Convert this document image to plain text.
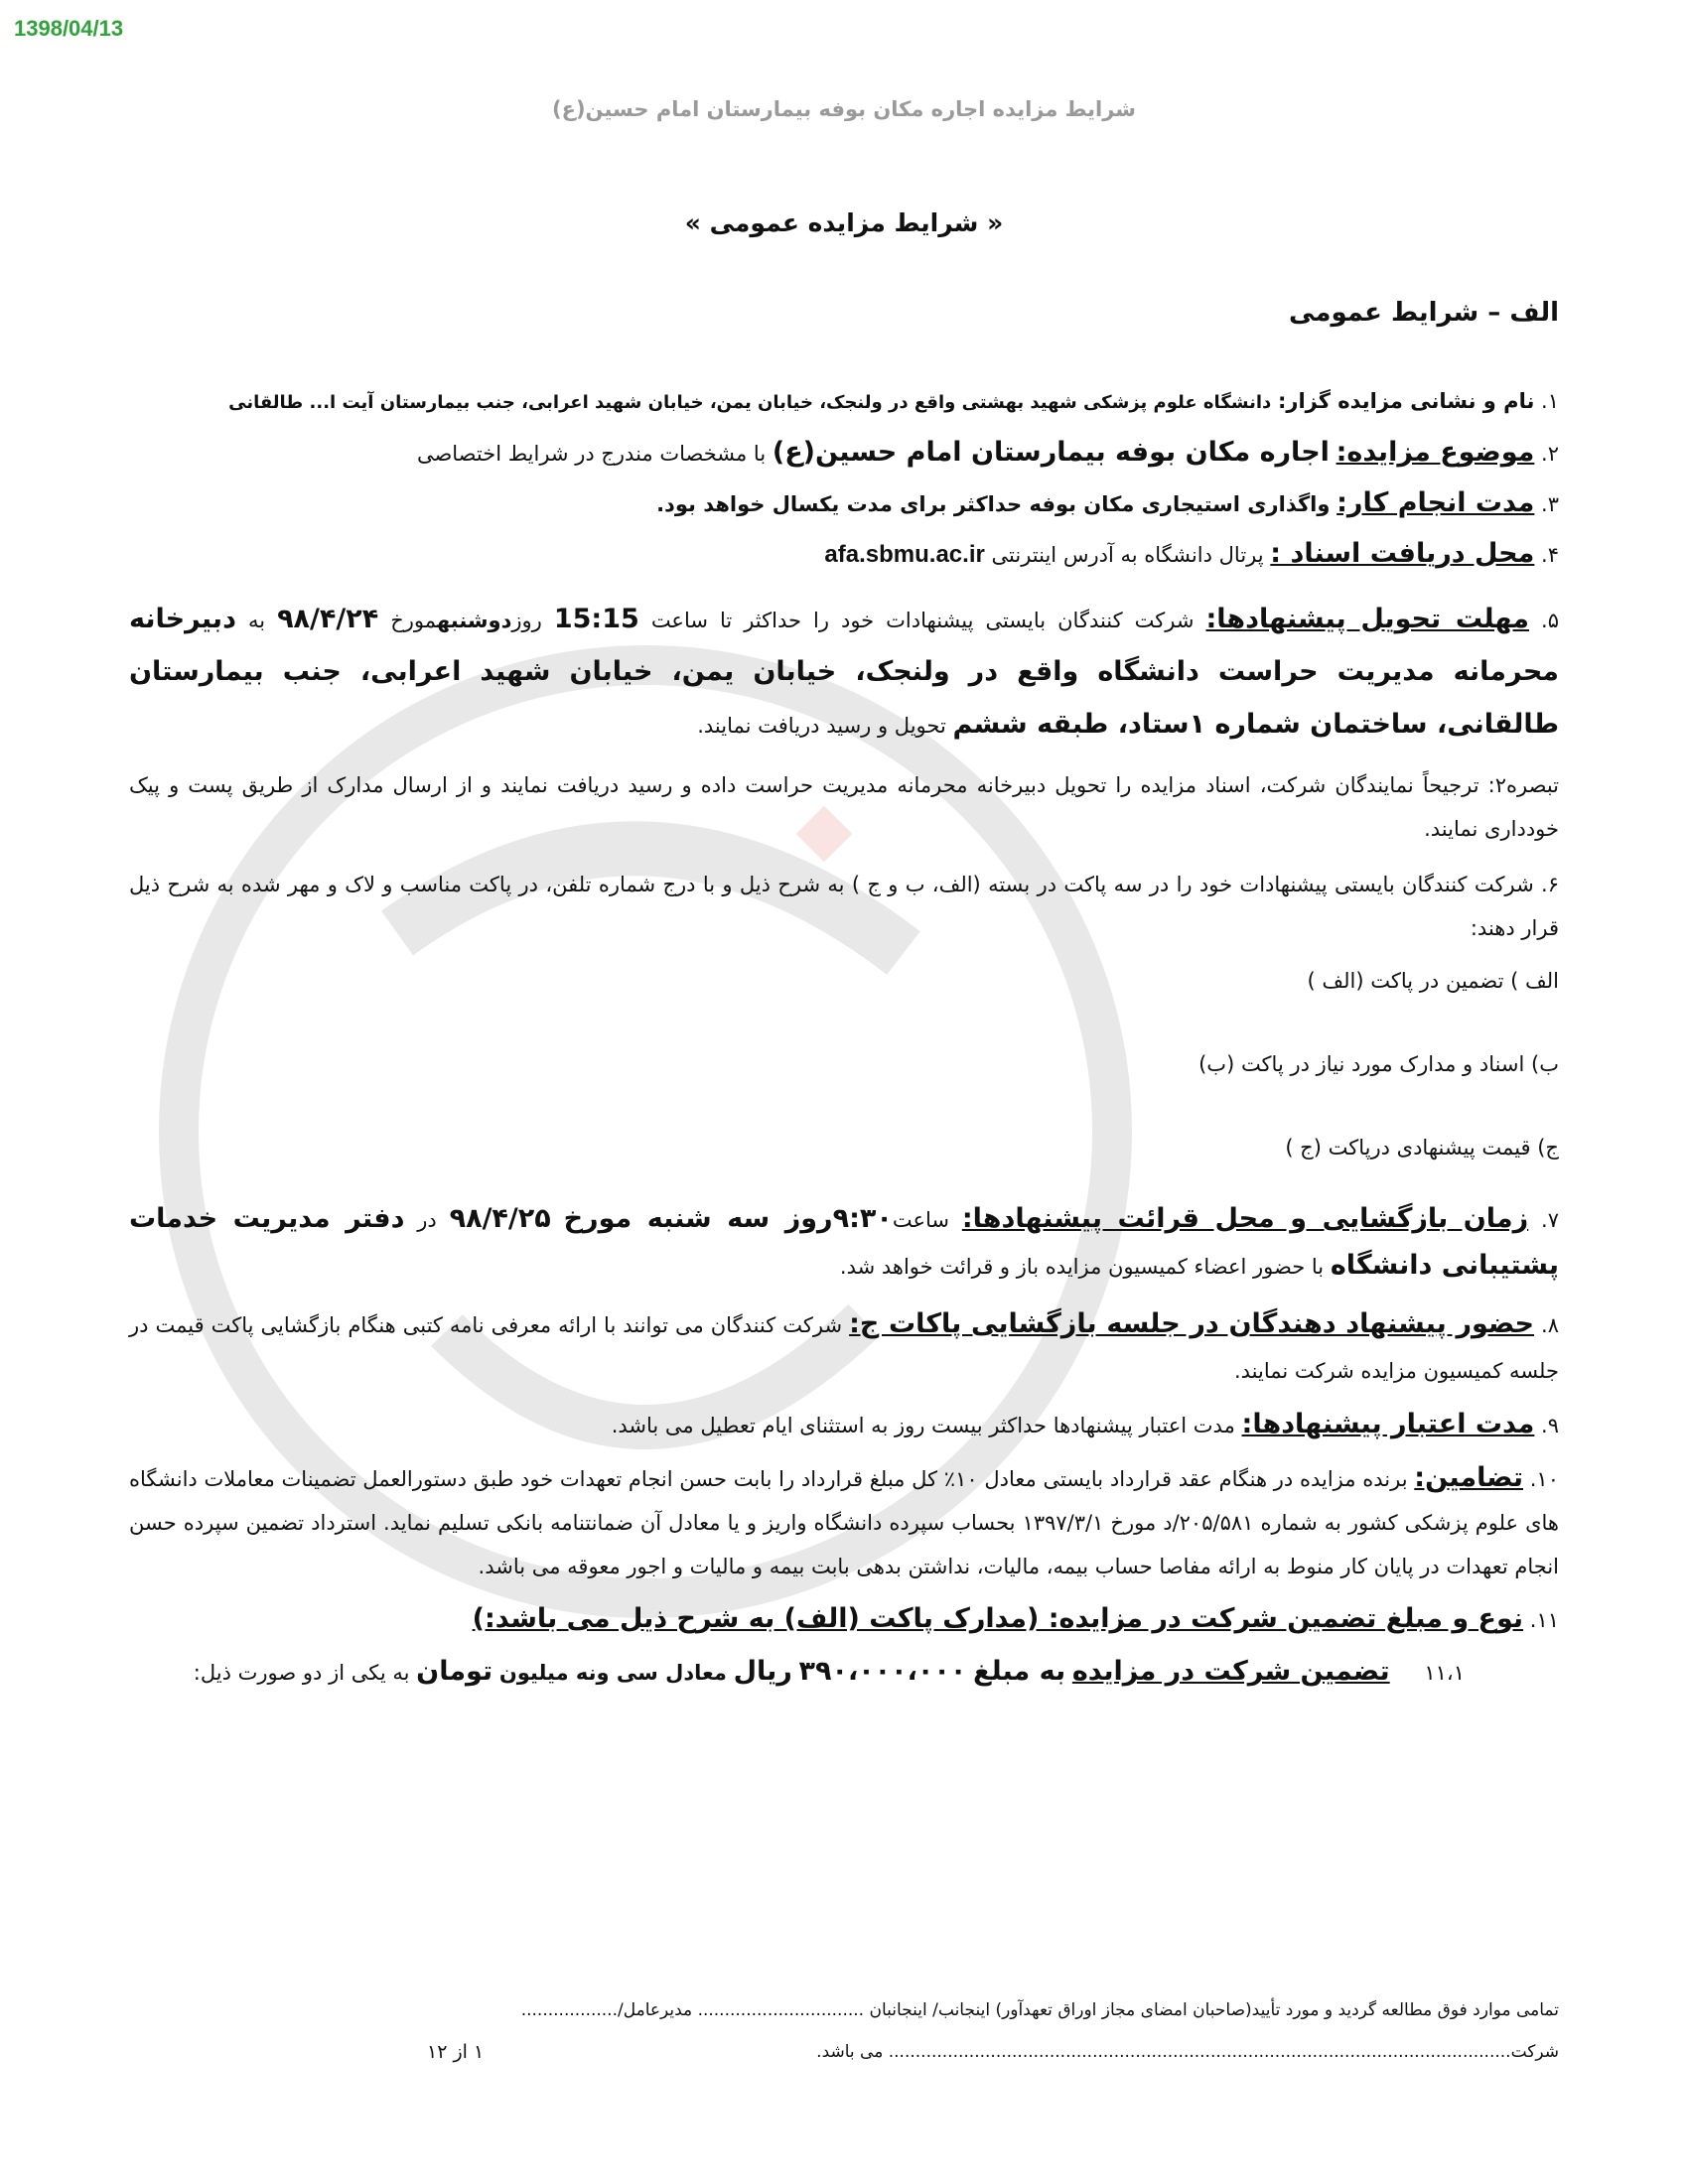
1398/04/13
شرایط مزایده اجاره مکان بوفه بیمارستان امام حسین(ع)
« شرایط مزایده عمومی »
الف – شرایط عمومی
۱. نام و نشانی مزایده گزار: دانشگاه علوم پزشکی شهید بهشتی واقع در ولنجک، خیابان یمن، خیابان شهید اعرابی، جنب بیمارستان آیت ا... طالقانی
۲. موضوع مزایده: اجاره مکان بوفه بیمارستان امام حسین(ع) با مشخصات مندرج در شرایط اختصاصی
۳. مدت انجام کار: واگذاری استیجاری مکان بوفه حداکثر برای مدت یکسال خواهد بود.
۴. محل دریافت اسناد : پرتال دانشگاه به آدرس اینترنتی afa.sbmu.ac.ir
۵. مهلت تحویل پیشنهادها: شرکت کنندگان بایستی پیشنهادات خود را حداکثر تا ساعت 15:15 روزدوشنبهمورخ ۹۸/۴/۲۴ به دبیرخانه محرمانه مدیریت حراست دانشگاه واقع در ولنجک، خیابان یمن، خیابان شهید اعرابی، جنب بیمارستان طالقانی، ساختمان شماره ۱ستاد، طبقه ششم تحویل و رسید دریافت نمایند.
تبصره۲: ترجیحاً نمایندگان شرکت، اسناد مزایده را تحویل دبیرخانه محرمانه مدیریت حراست داده و رسید دریافت نمایند و از ارسال مدارک از طریق پست و پیک خودداری نمایند.
۶. شرکت کنندگان بایستی پیشنهادات خود را در سه پاکت در بسته (الف، ب و ج ) به شرح ذیل و با درج شماره تلفن، در پاکت مناسب و لاک و مهر شده به شرح ذیل قرار دهند:
الف ) تضمین در پاکت (الف )
ب) اسناد و مدارک مورد نیاز در پاکت (ب)
ج) قیمت پیشنهادی درپاکت (ج )
۷. زمان بازگشایی و محل قرائت پیشنهادها: ساعت۹:۳۰روز سه شنبه مورخ ۹۸/۴/۲۵ در دفتر مدیریت خدمات پشتیبانی دانشگاه با حضور اعضاء کمیسیون مزایده باز و قرائت خواهد شد.
۸. حضور پیشنهاد دهندگان در جلسه بازگشایی پاکات ج: شرکت کنندگان می توانند با ارائه معرفی نامه کتبی هنگام بازگشایی پاکت قیمت در جلسه کمیسیون مزایده شرکت نمایند.
۹. مدت اعتبار پیشنهادها: مدت اعتبار پیشنهادها حداکثر بیست روز به استثنای ایام تعطیل می باشد.
۱۰. تضامین: برنده مزایده در هنگام عقد قرارداد بایستی معادل ۱۰٪ کل مبلغ قرارداد را بابت حسن انجام تعهدات خود طبق دستورالعمل تضمینات معاملات دانشگاه های علوم پزشکی کشور به شماره ۲۰۵/۵۸۱/د مورخ ۱۳۹۷/۳/۱ بحساب سپرده دانشگاه واریز و یا معادل آن ضمانتنامه بانکی تسلیم نماید. استرداد تضمین سپرده حسن انجام تعهدات در پایان کار منوط به ارائه مفاصا حساب بیمه، مالیات، نداشتن بدهی بابت بیمه و مالیات و اجور معوقه می باشد.
۱۱. نوع و مبلغ تضمین شرکت در مزایده: (مدارک پاکت (الف) به شرح ذیل می باشد:)
۱۱،۱ تضمین شرکت در مزایده به مبلغ ۳۹۰،۰۰۰،۰۰۰ ریال معادل سی ونه میلیون تومان به یکی از دو صورت ذیل:
تمامی موارد فوق مطالعه گردید و مورد تأیید(صاحبان امضای مجاز اوراق تعهدآور) اینجانب/ اینجانبان ............................... مدیرعامل/..................
شرکت.................................................................................................................... می باشد.
۱ از ۱۲
